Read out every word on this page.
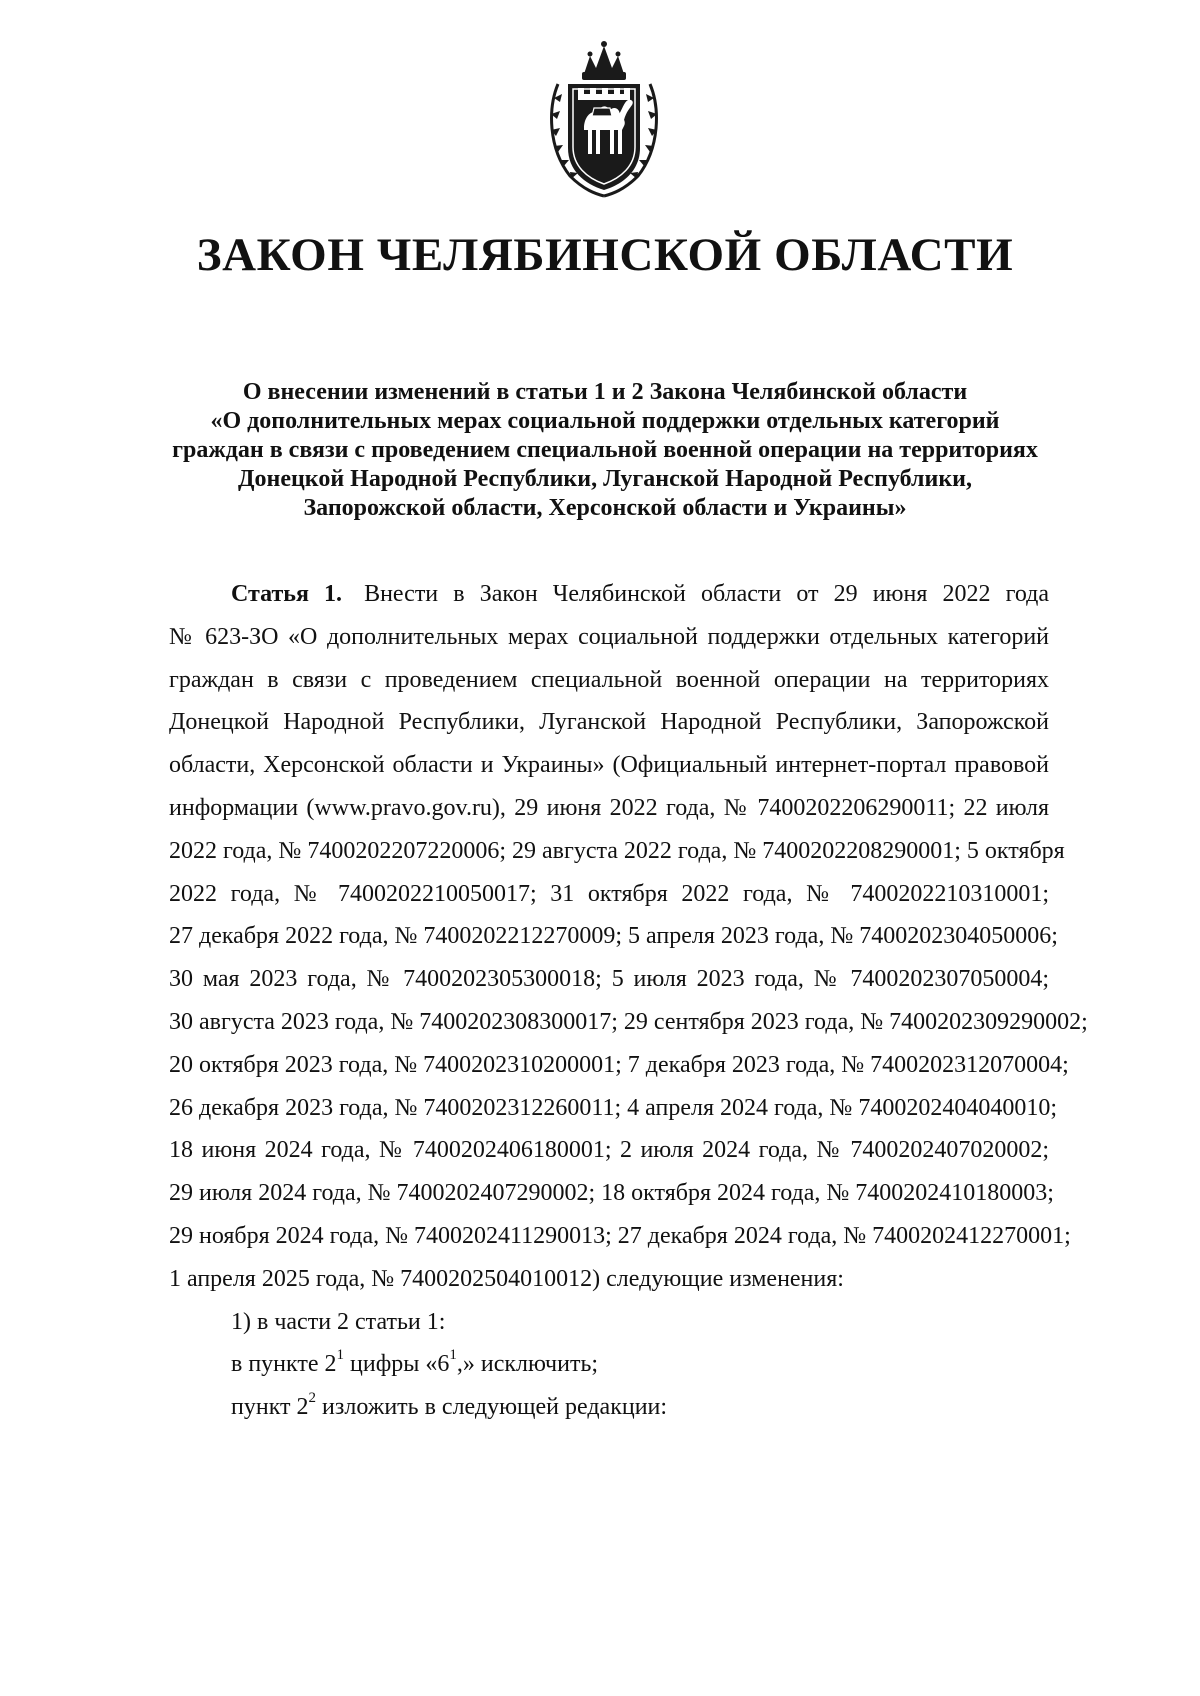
ЗАКОН ЧЕЛЯБИНСКОЙ ОБЛАСТИ
О внесении изменений в статьи 1 и 2 Закона Челябинской области
«О дополнительных мерах социальной поддержки отдельных категорий
граждан в связи с проведением специальной военной операции на территориях
Донецкой Народной Республики, Луганской Народной Республики,
Запорожской области, Херсонской области и Украины»
Статья 1. Внести в Закон Челябинской области от 29 июня 2022 года
№ 623-ЗО «О дополнительных мерах социальной поддержки отдельных категорий
граждан в связи с проведением специальной военной операции на территориях
Донецкой Народной Республики, Луганской Народной Республики, Запорожской
области, Херсонской области и Украины» (Официальный интернет-портал правовой
информации (www.pravo.gov.ru), 29 июня 2022 года, № 7400202206290011; 22 июля
2022 года, № 7400202207220006; 29 августа 2022 года, № 7400202208290001; 5 октября
2022 года, № 7400202210050017; 31 октября 2022 года, № 7400202210310001;
27 декабря 2022 года, № 7400202212270009; 5 апреля 2023 года, № 7400202304050006;
30 мая 2023 года, № 7400202305300018; 5 июля 2023 года, № 7400202307050004;
30 августа 2023 года, № 7400202308300017; 29 сентября 2023 года, № 7400202309290002;
20 октября 2023 года, № 7400202310200001; 7 декабря 2023 года, № 7400202312070004;
26 декабря 2023 года, № 7400202312260011; 4 апреля 2024 года, № 7400202404040010;
18 июня 2024 года, № 7400202406180001; 2 июля 2024 года, № 7400202407020002;
29 июля 2024 года, № 7400202407290002; 18 октября 2024 года, № 7400202410180003;
29 ноября 2024 года, № 7400202411290013; 27 декабря 2024 года, № 7400202412270001;
1 апреля 2025 года, № 7400202504010012) следующие изменения:
1) в части 2 статьи 1:
в пункте $2^1$ цифры «$6^1$,» исключить;
пункт $2^2$ изложить в следующей редакции:
